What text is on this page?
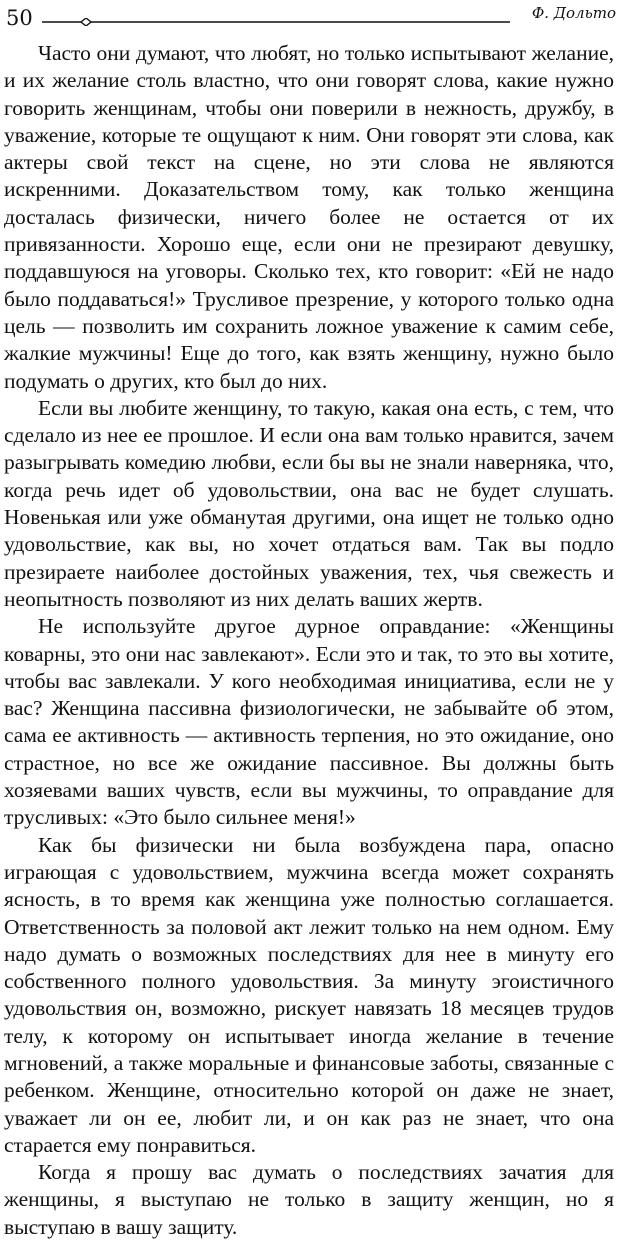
50	Ф. Дольто

Часто они думают, что любят, но только испытывают желание, и их желание столь властно, что они говорят слова, какие нужно говорить женщинам, чтобы они поверили в нежность, дружбу, в уважение, которые те ощущают к ним. Они говорят эти слова, как актеры свой текст на сцене, но эти слова не являются искренними. Доказательством тому, как только женщина досталась физически, ничего более не остается от их привязанности. Хорошо еще, если они не презирают девушку, поддавшуюся на уговоры. Сколько тех, кто говорит: «Ей не надо было поддаваться!» Трусливое презрение, у которого только одна цель — позволить им сохранить ложное уважение к самим себе, жалкие мужчины! Еще до того, как взять женщину, нужно было подумать о других, кто был до них.

Если вы любите женщину, то такую, какая она есть, с тем, что сделало из нее ее прошлое. И если она вам только нравится, зачем разыгрывать комедию любви, если бы вы не знали наверняка, что, когда речь идет об удовольствии, она вас не будет слушать. Новенькая или уже обманутая другими, она ищет не только одно удовольствие, как вы, но хочет отдаться вам. Так вы подло презираете наиболее достойных уважения, тех, чья свежесть и неопытность позволяют из них делать ваших жертв.

Не используйте другое дурное оправдание: «Женщины коварны, это они нас завлекают». Если это и так, то это вы хотите, чтобы вас завлекали. У кого необходимая инициатива, если не у вас? Женщина пассивна физиологически, не забывайте об этом, сама ее активность — активность терпения, но это ожидание, оно страстное, но все же ожидание пассивное. Вы должны быть хозяевами ваших чувств, если вы мужчины, то оправдание для трусливых: «Это было сильнее меня!»

Как бы физически ни была возбуждена пара, опасно играющая с удовольствием, мужчина всегда может сохранять ясность, в то время как женщина уже полностью соглашается. Ответственность за половой акт лежит только на нем одном. Ему надо думать о возможных последствиях для нее в минуту его собственного полного удовольствия. За минуту эгоистичного удовольствия он, возможно, рискует навязать 18 месяцев трудов телу, к которому он испытывает иногда желание в течение мгновений, а также моральные и финансовые заботы, связанные с ребенком. Женщине, относительно которой он даже не знает, уважает ли он ее, любит ли, и он как раз не знает, что она старается ему понравиться.

Когда я прошу вас думать о последствиях зачатия для женщины, я выступаю не только в защиту женщин, но я выступаю в вашу защиту.
